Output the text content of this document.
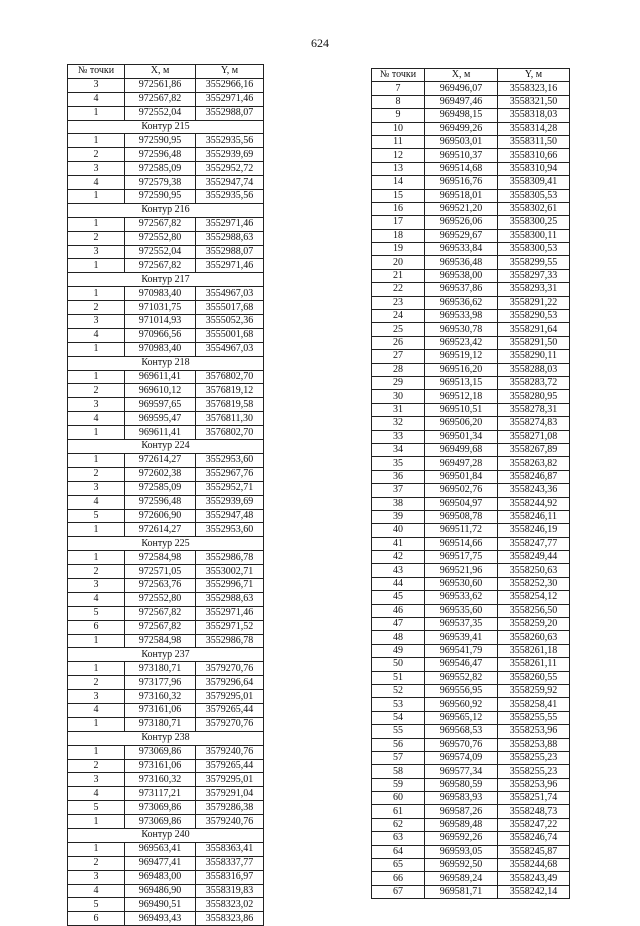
624
№ точки	X, м	Y, м
3	972561,86	3552966,16
4	972567,82	3552971,46
1	972552,04	3552988,07
Контур 215		
1	972590,95	3552935,56
2	972596,48	3552939,69
3	972585,09	3552952,72
4	972579,38	3552947,74
1	972590,95	3552935,56
Контур 216		
1	972567,82	3552971,46
2	972552,80	3552988,63
3	972552,04	3552988,07
1	972567,82	3552971,46
Контур 217		
1	970983,40	3554967,03
2	971031,75	3555017,68
3	971014,93	3555052,36
4	970966,56	3555001,68
1	970983,40	3554967,03
Контур 218		
1	969611,41	3576802,70
2	969610,12	3576819,12
3	969597,65	3576819,58
4	969595,47	3576811,30
1	969611,41	3576802,70
Контур 224		
1	972614,27	3552953,60
2	972602,38	3552967,76
3	972585,09	3552952,71
4	972596,48	3552939,69
5	972606,90	3552947,48
1	972614,27	3552953,60
Контур 225		
1	972584,98	3552986,78
2	972571,05	3553002,71
3	972563,76	3552996,71
4	972552,80	3552988,63
5	972567,82	3552971,46
6	972567,82	3552971,52
1	972584,98	3552986,78
Контур 237		
1	973180,71	3579270,76
2	973177,96	3579296,64
3	973160,32	3579295,01
4	973161,06	3579265,44
1	973180,71	3579270,76
Контур 238		
1	973069,86	3579240,76
2	973161,06	3579265,44
3	973160,32	3579295,01
4	973117,21	3579291,04
5	973069,86	3579286,38
1	973069,86	3579240,76
Контур 240		
1	969563,41	3558363,41
2	969477,41	3558337,77
3	969483,00	3558316,97
4	969486,90	3558319,83
5	969490,51	3558323,02
6	969493,43	3558323,86
№ точки	X, м	Y, м
7	969496,07	3558323,16
8	969497,46	3558321,50
9	969498,15	3558318,03
10	969499,26	3558314,28
11	969503,01	3558311,50
12	969510,37	3558310,66
13	969514,68	3558310,94
14	969516,76	3558309,41
15	969518,01	3558305,53
16	969521,20	3558302,61
17	969526,06	3558300,25
18	969529,67	3558300,11
19	969533,84	3558300,53
20	969536,48	3558299,55
21	969538,00	3558297,33
22	969537,86	3558293,31
23	969536,62	3558291,22
24	969533,98	3558290,53
25	969530,78	3558291,64
26	969523,42	3558291,50
27	969519,12	3558290,11
28	969516,20	3558288,03
29	969513,15	3558283,72
30	969512,18	3558280,95
31	969510,51	3558278,31
32	969506,20	3558274,83
33	969501,34	3558271,08
34	969499,68	3558267,89
35	969497,28	3558263,82
36	969501,84	3558246,87
37	969502,76	3558243,36
38	969504,97	3558244,92
39	969508,78	3558246,11
40	969511,72	3558246,19
41	969514,66	3558247,77
42	969517,75	3558249,44
43	969521,96	3558250,63
44	969530,60	3558252,30
45	969533,62	3558254,12
46	969535,60	3558256,50
47	969537,35	3558259,20
48	969539,41	3558260,63
49	969541,79	3558261,18
50	969546,47	3558261,11
51	969552,82	3558260,55
52	969556,95	3558259,92
53	969560,92	3558258,41
54	969565,12	3558255,55
55	969568,53	3558253,96
56	969570,76	3558253,88
57	969574,09	3558255,23
58	969577,34	3558255,23
59	969580,59	3558253,96
60	969583,93	3558251,74
61	969587,26	3558248,73
62	969589,48	3558247,22
63	969592,26	3558246,74
64	969593,05	3558245,87
65	969592,50	3558244,68
66	969589,24	3558243,49
67	969581,71	3558242,14
